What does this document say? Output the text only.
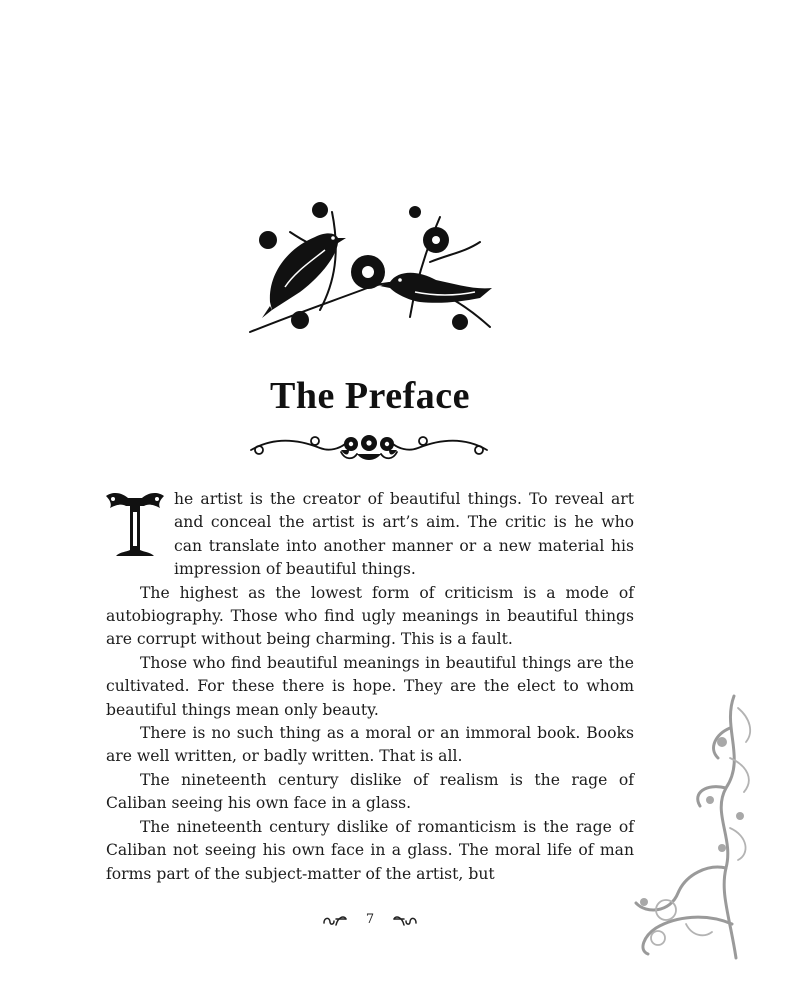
The Preface

he artist is the creator of beautiful things. To reveal art and conceal the artist is art’s aim. The critic is he who can translate into another manner or a new material his impression of beautiful things.

The highest as the lowest form of criticism is a mode of autobiography. Those who find ugly meanings in beautiful things are corrupt without being charming. This is a fault.

Those who find beautiful meanings in beautiful things are the cultivated. For these there is hope. They are the elect to whom beautiful things mean only beauty.

There is no such thing as a moral or an immoral book. Books are well written, or badly written. That is all.

The nineteenth century dislike of realism is the rage of Caliban seeing his own face in a glass.

The nineteenth century dislike of romanticism is the rage of Caliban not seeing his own face in a glass. The moral life of man forms part of the subject-matter of the artist, but

7
